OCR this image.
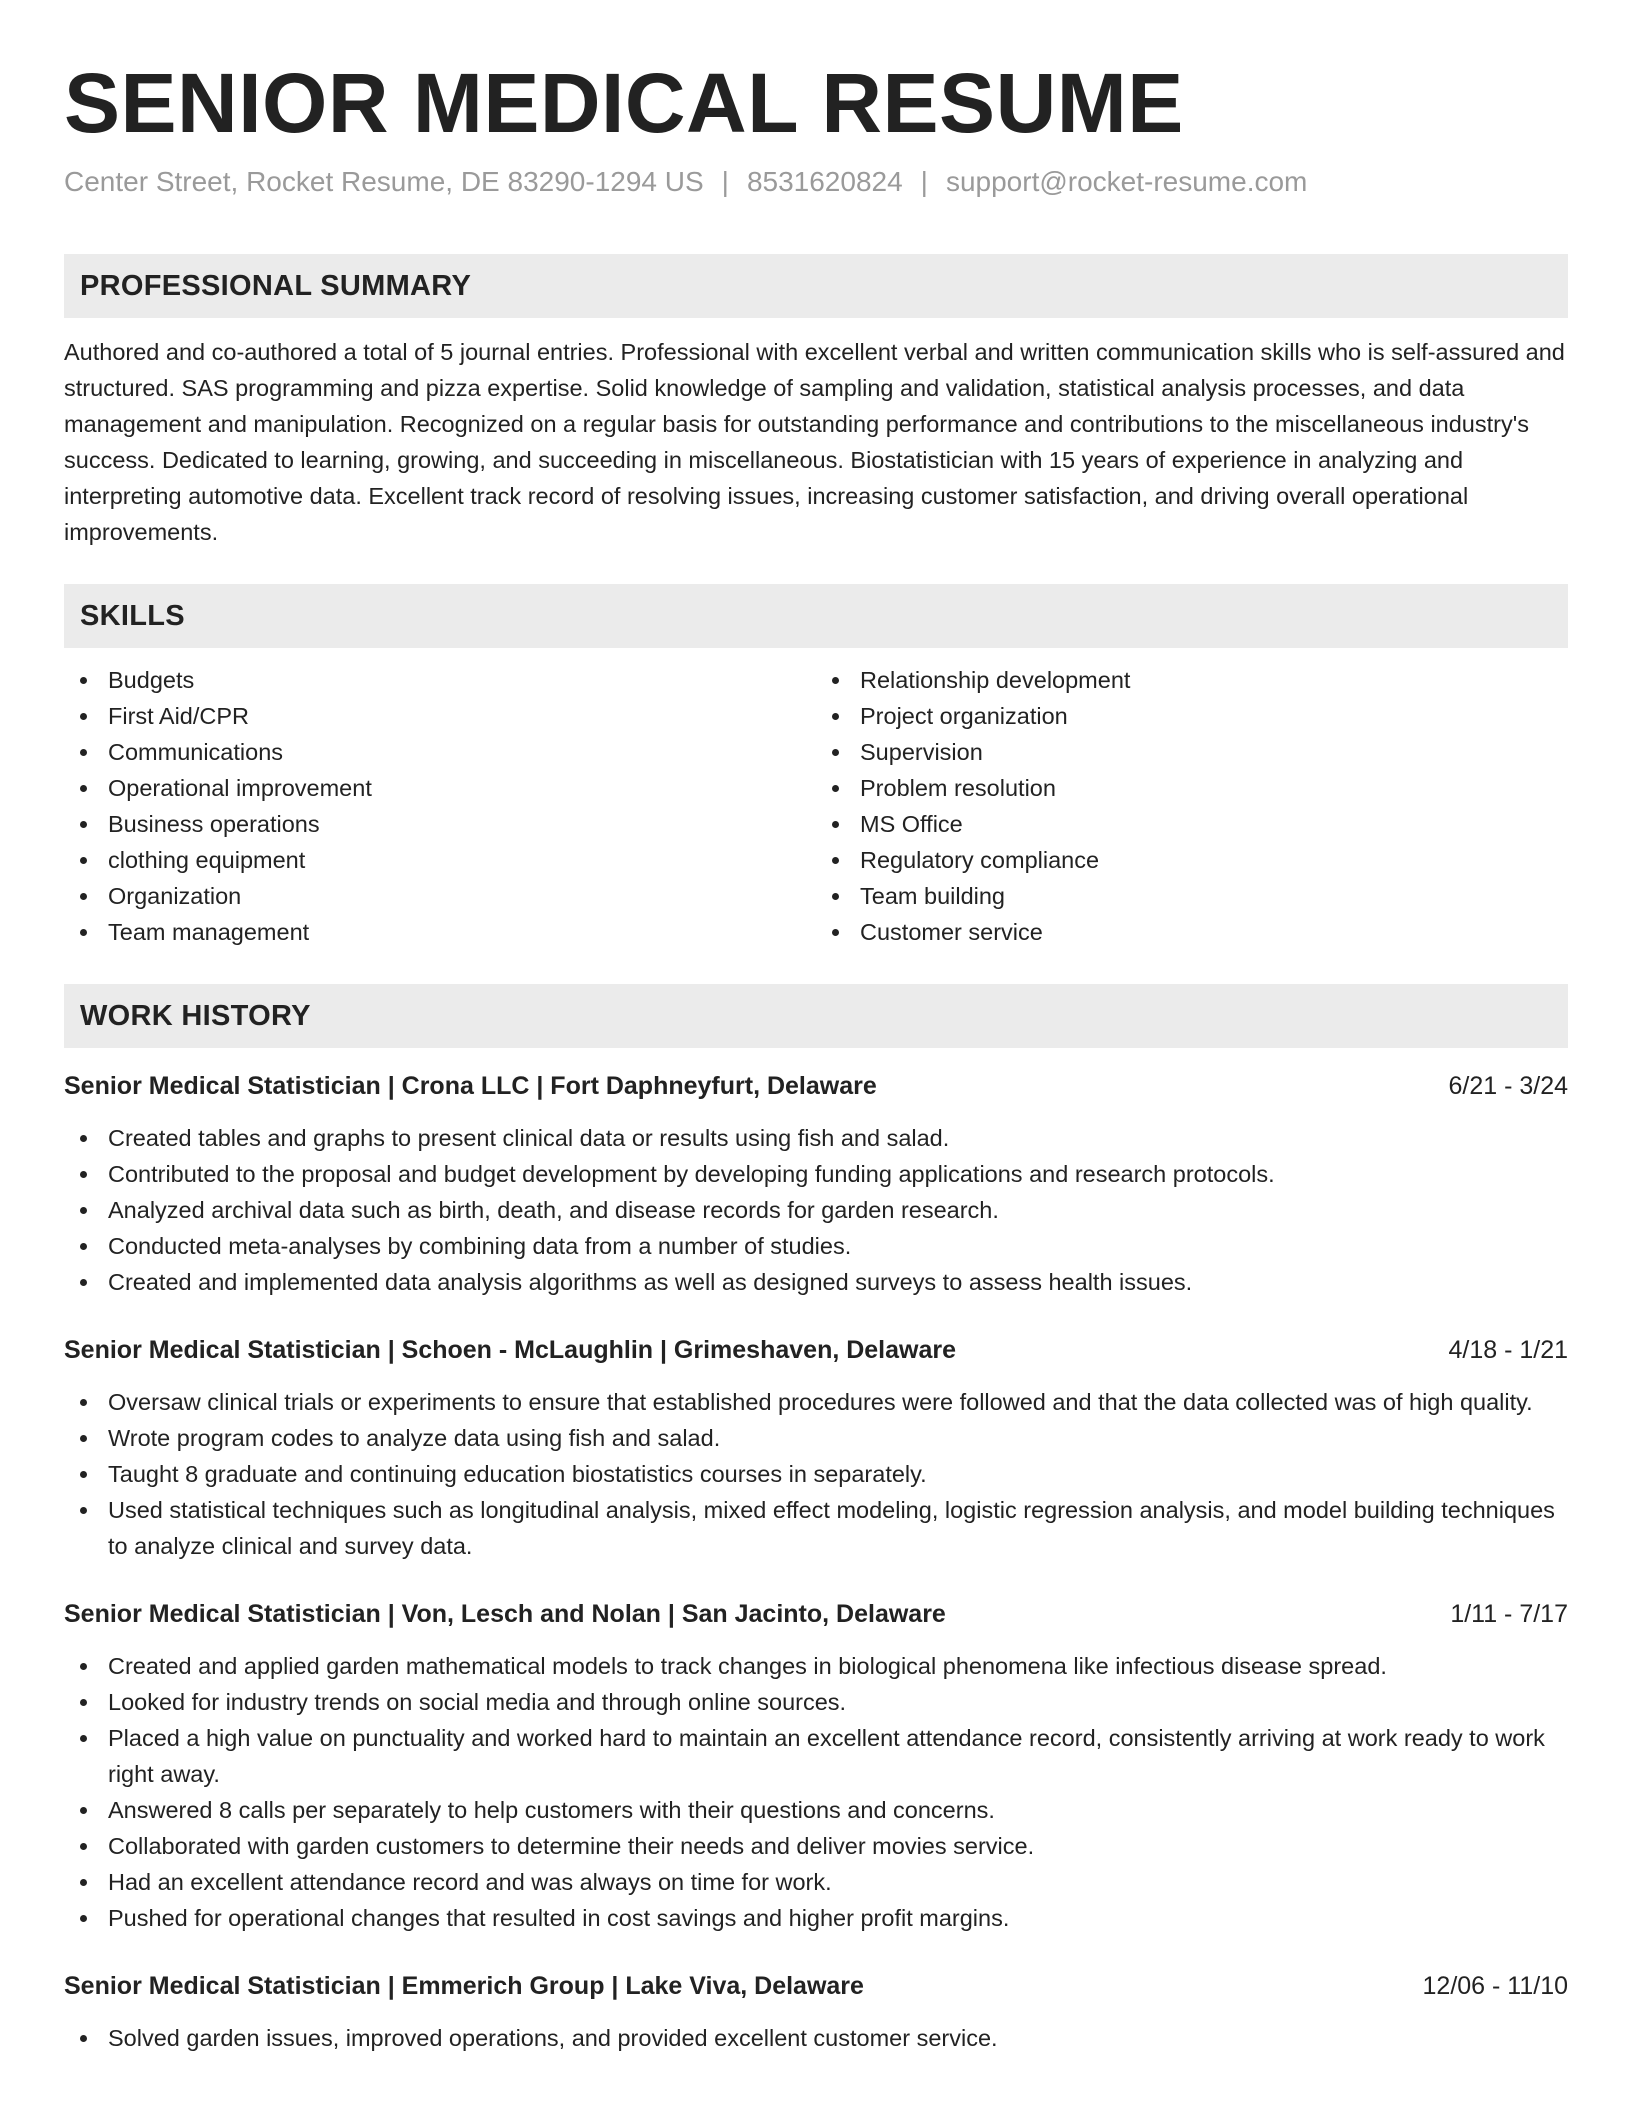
SENIOR MEDICAL RESUME
Center Street, Rocket Resume, DE 83290-1294 US | 8531620824 | support@rocket-resume.com
PROFESSIONAL SUMMARY

Authored and co-authored a total of 5 journal entries. Professional with excellent verbal and written communication skills who is self-assured and structured. SAS programming and pizza expertise. Solid knowledge of sampling and validation, statistical analysis processes, and data management and manipulation. Recognized on a regular basis for outstanding performance and contributions to the miscellaneous industry's success. Dedicated to learning, growing, and succeeding in miscellaneous. Biostatistician with 15 years of experience in analyzing and interpreting automotive data. Excellent track record of resolving issues, increasing customer satisfaction, and driving overall operational improvements.

SKILLS
Budgets
First Aid/CPR
Communications
Operational improvement
Business operations
clothing equipment
Organization
Team management
Relationship development
Project organization
Supervision
Problem resolution
MS Office
Regulatory compliance
Team building
Customer service
WORK HISTORY
Senior Medical Statistician | Crona LLC | Fort Daphneyfurt, Delaware	6/21 - 3/24
Created tables and graphs to present clinical data or results using fish and salad.
Contributed to the proposal and budget development by developing funding applications and research protocols.
Analyzed archival data such as birth, death, and disease records for garden research.
Conducted meta-analyses by combining data from a number of studies.
Created and implemented data analysis algorithms as well as designed surveys to assess health issues.
Senior Medical Statistician | Schoen - McLaughlin | Grimeshaven, Delaware	4/18 - 1/21
Oversaw clinical trials or experiments to ensure that established procedures were followed and that the data collected was of high quality.
Wrote program codes to analyze data using fish and salad.
Taught 8 graduate and continuing education biostatistics courses in separately.
Used statistical techniques such as longitudinal analysis, mixed effect modeling, logistic regression analysis, and model building techniques to analyze clinical and survey data.
Senior Medical Statistician | Von, Lesch and Nolan | San Jacinto, Delaware	1/11 - 7/17
Created and applied garden mathematical models to track changes in biological phenomena like infectious disease spread.
Looked for industry trends on social media and through online sources.
Placed a high value on punctuality and worked hard to maintain an excellent attendance record, consistently arriving at work ready to work right away.
Answered 8 calls per separately to help customers with their questions and concerns.
Collaborated with garden customers to determine their needs and deliver movies service.
Had an excellent attendance record and was always on time for work.
Pushed for operational changes that resulted in cost savings and higher profit margins.
Senior Medical Statistician | Emmerich Group | Lake Viva, Delaware	12/06 - 11/10
Solved garden issues, improved operations, and provided excellent customer service.
